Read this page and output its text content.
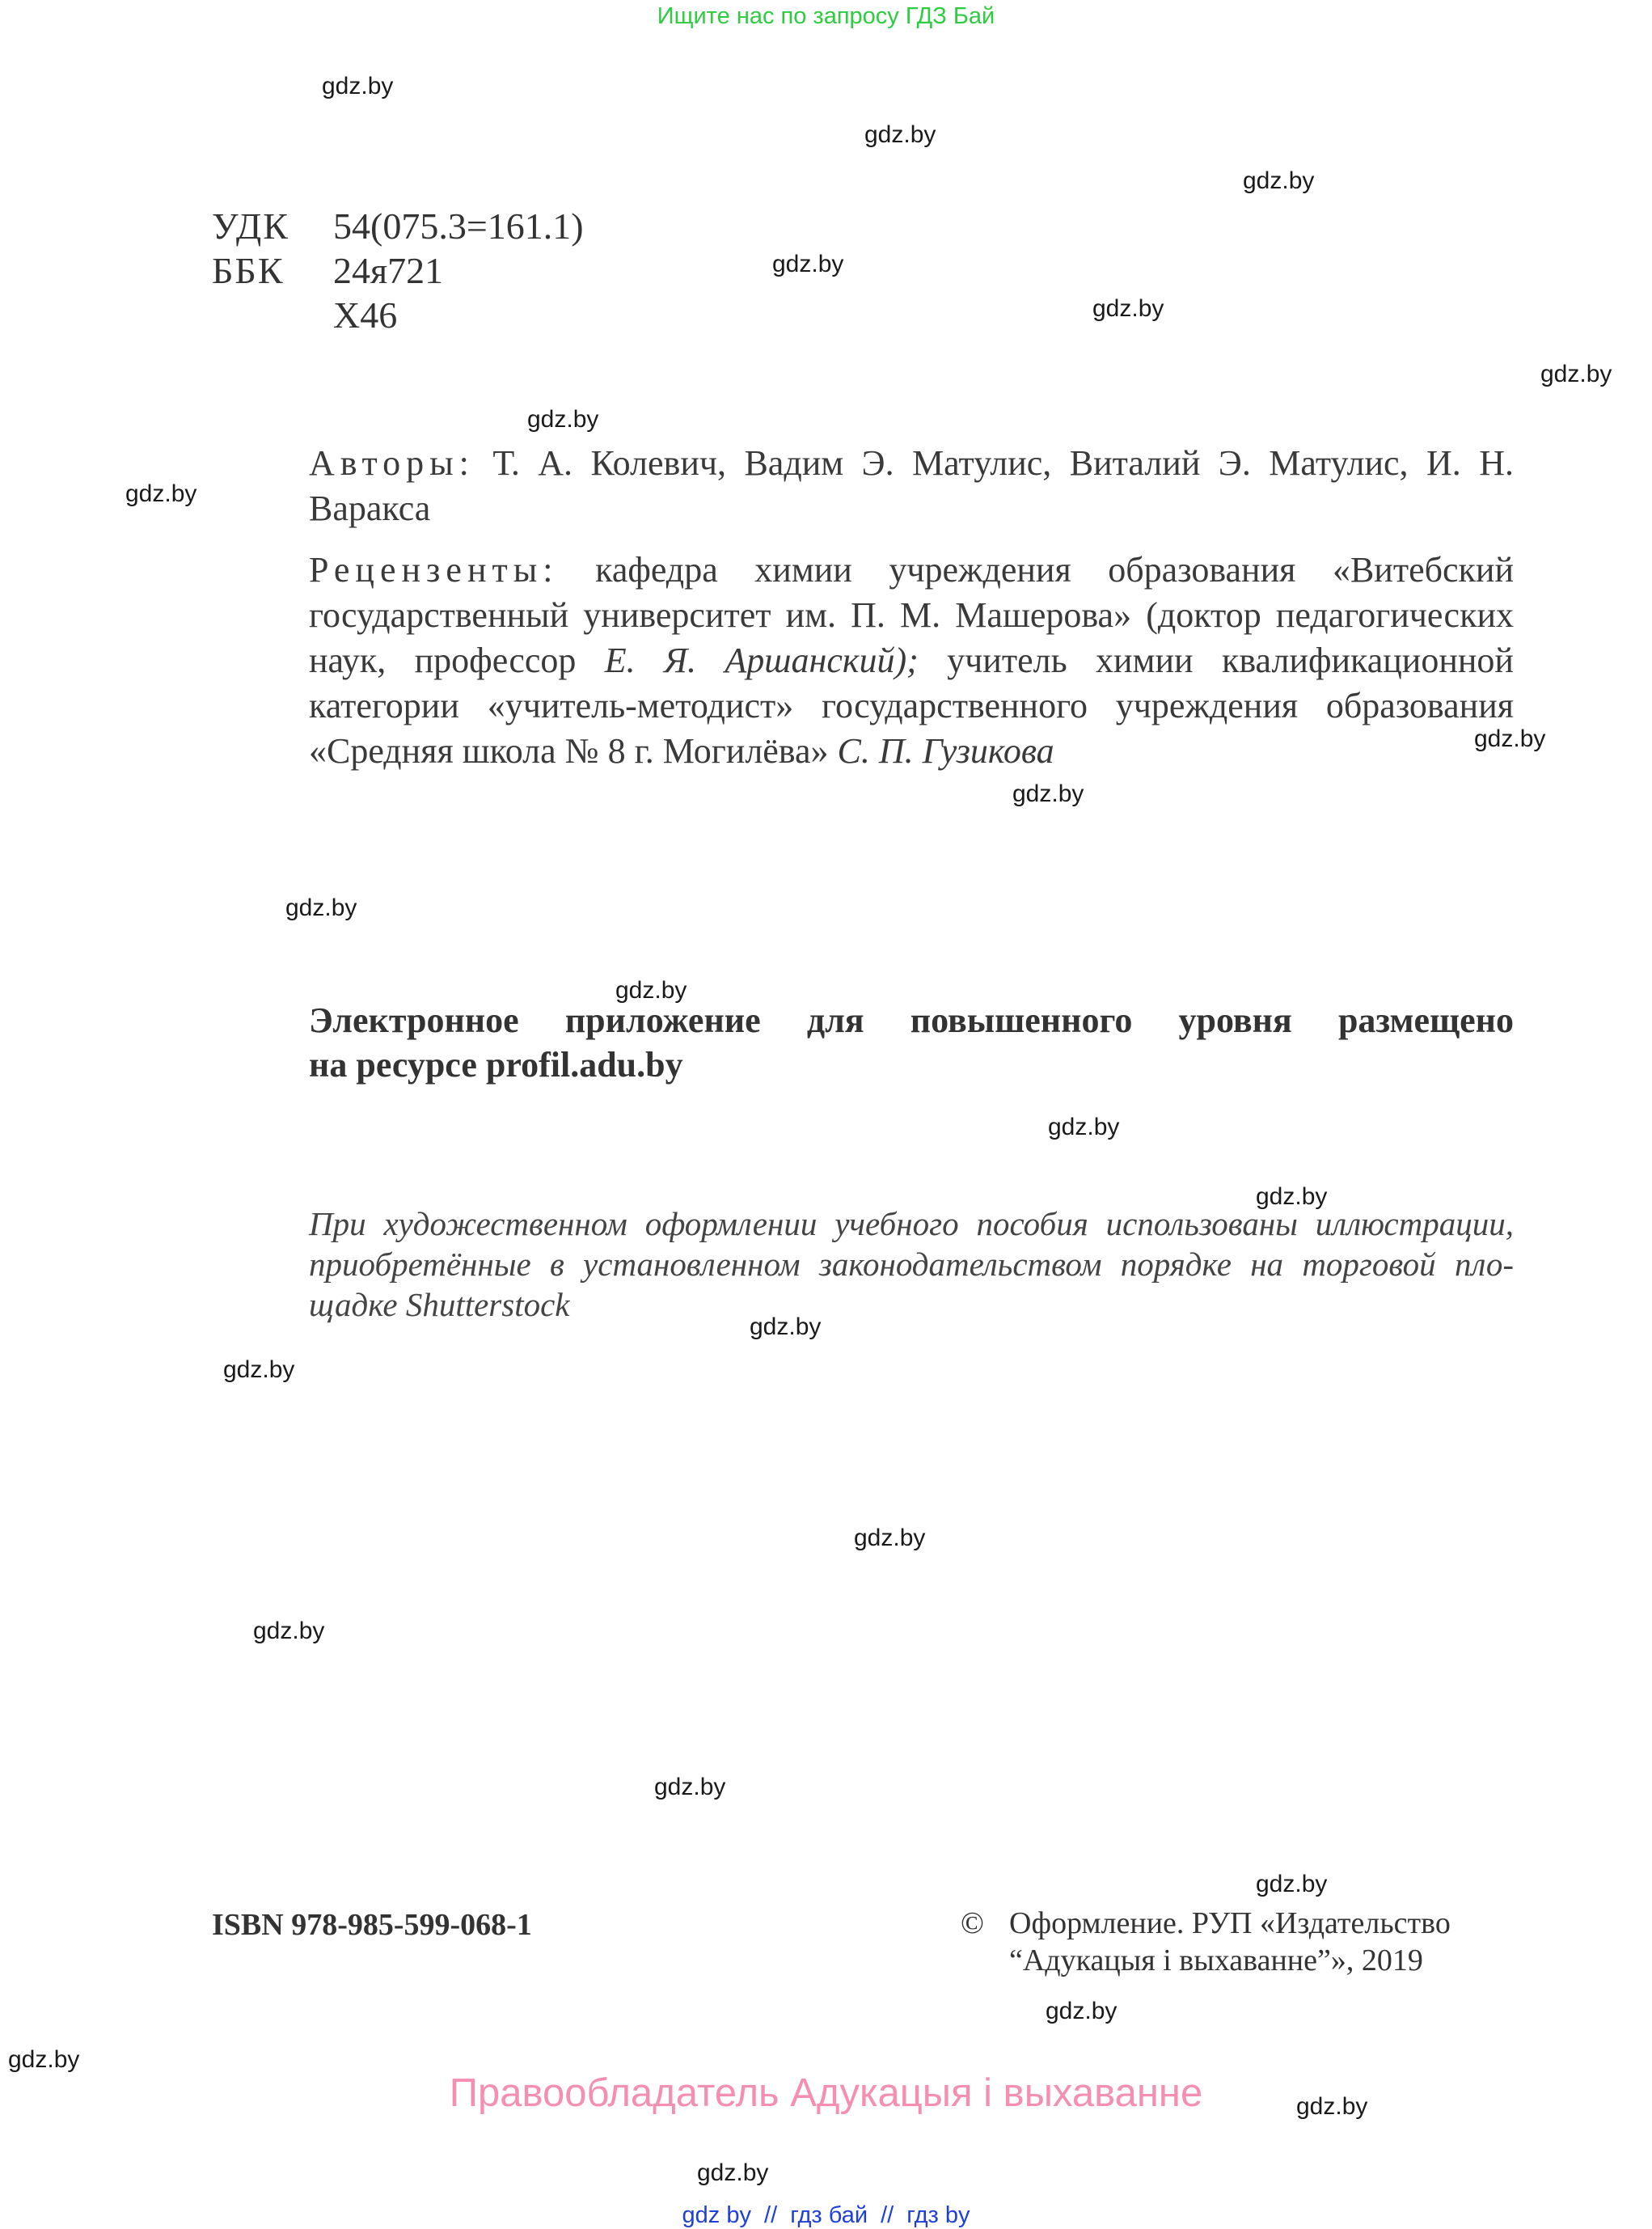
Ищите нас по запросу ГДЗ Бай
gdz.by
gdz.by
gdz.by
gdz.by
gdz.by
gdz.by
gdz.by
gdz.by
gdz.by
gdz.by
gdz.by
gdz.by
gdz.by
gdz.by
gdz.by
gdz.by
gdz.by
gdz.by
gdz.by
gdz.by
gdz.by
gdz.by
gdz.by
gdz.by
УДК 54(075.3=161.1)
ББК 24я721
Х46
Авторы: Т. А. Колевич, Вадим Э. Матулис, Виталий Э. Матулис, И. Н. Варакса
Рецензенты: кафедра химии учреждения образования «Витебский государственный университет им. П. М. Машерова» (доктор педагогических наук, профессор Е. Я. Аршанский); учитель химии квалификационной категории «учитель-методист» государственного учреждения образования «Средняя школа № 8 г. Могилёва» С. П. Гузикова
Электронное приложение для повышенного уровня размещено
на ресурсе profil.adu.by
При художественном оформлении учебного пособия использованы иллюстрации,
приобретённые в установленном законодательством порядке на торговой пло-
щадке Shutterstock
ISBN 978-985-599-068-1	© Оформление. РУП «Издательство
“Адукацыя і выхаванне”», 2019
Правообладатель Адукацыя і выхаванне
gdz by // гдз бай // гдз by
